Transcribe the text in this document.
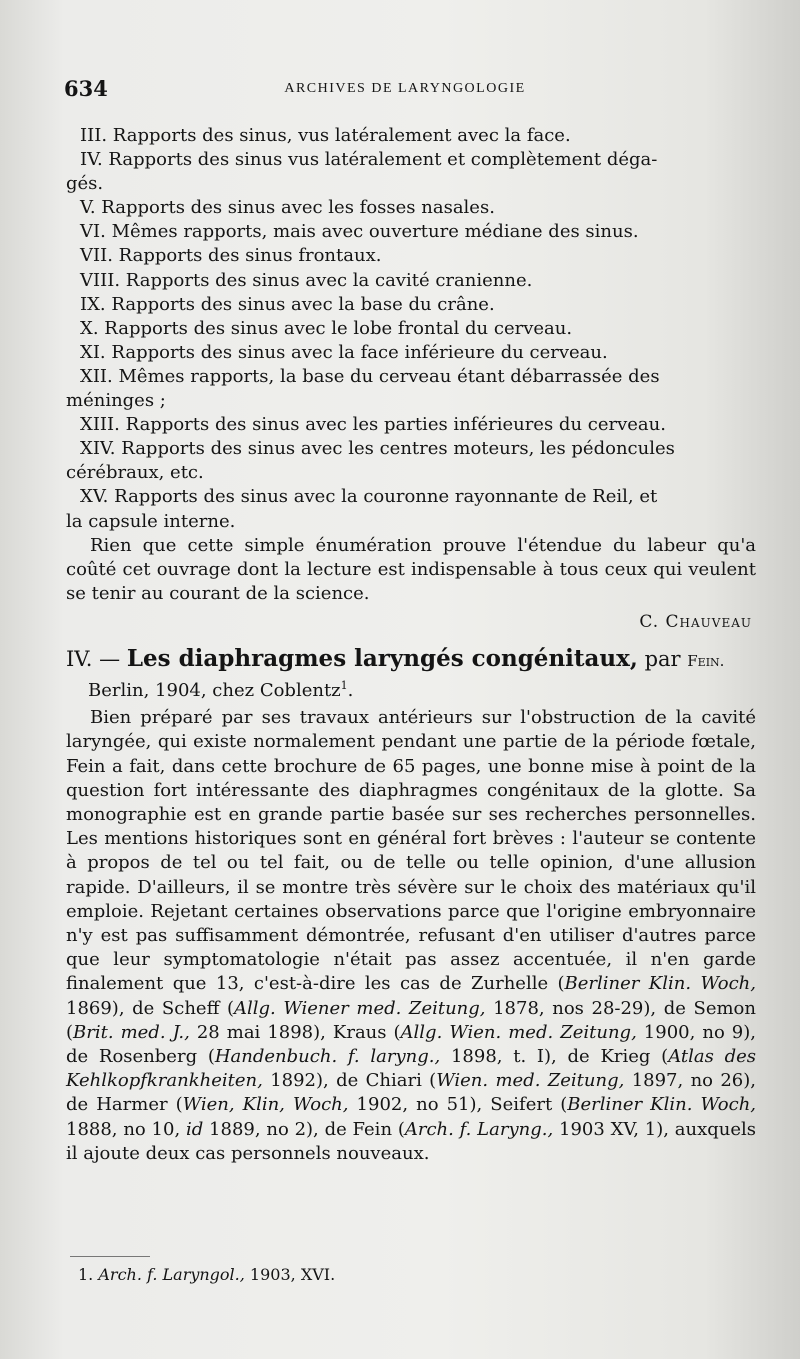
634	ARCHIVES DE LARYNGOLOGIE
III. Rapports des sinus, vus latéralement avec la face.
IV. Rapports des sinus vus latéralement et complètement déga-
gés.
V. Rapports des sinus avec les fosses nasales.
VI. Mêmes rapports, mais avec ouverture médiane des sinus.
VII. Rapports des sinus frontaux.
VIII. Rapports des sinus avec la cavité cranienne.
IX. Rapports des sinus avec la base du crâne.
X. Rapports des sinus avec le lobe frontal du cerveau.
XI. Rapports des sinus avec la face inférieure du cerveau.
XII. Mêmes rapports, la base du cerveau étant débarrassée des
méninges ;
XIII. Rapports des sinus avec les parties inférieures du cerveau.
XIV. Rapports des sinus avec les centres moteurs, les pédoncules
cérébraux, etc.
XV. Rapports des sinus avec la couronne rayonnante de Reil, et
la capsule interne.

Rien que cette simple énumération prouve l'étendue du labeur qu'a coûté cet ouvrage dont la lecture est indispensable à tous ceux qui veulent se tenir au courant de la science.

C. Chauveau
IV. — Les diaphragmes laryngés congénitaux, par Fein.
Berlin, 1904, chez Coblentz$^1$.

Bien préparé par ses travaux antérieurs sur l'obstruction de la cavité laryngée, qui existe normalement pendant une partie de la période fœtale, Fein a fait, dans cette brochure de 65 pages, une bonne mise à point de la question fort intéressante des diaphragmes congénitaux de la glotte. Sa monographie est en grande partie basée sur ses recherches personnelles. Les mentions historiques sont en général fort brèves : l'auteur se contente à propos de tel ou tel fait, ou de telle ou telle opinion, d'une allusion rapide. D'ailleurs, il se montre très sévère sur le choix des matériaux qu'il emploie. Rejetant certaines observations parce que l'origine embryonnaire n'y est pas suffisamment démontrée, refusant d'en utiliser d'autres parce que leur symptomatologie n'était pas assez accentuée, il n'en garde finalement que 13, c'est-à-dire les cas de Zurhelle (Berliner Klin. Woch, 1869), de Scheff (Allg. Wiener med. Zeitung, 1878, nos 28-29), de Semon (Brit. med. J., 28 mai 1898), Kraus (Allg. Wien. med. Zeitung, 1900, no 9), de Rosenberg (Handenbuch. f. laryng., 1898, t. I), de Krieg (Atlas des Kehlkopfkrankheiten, 1892), de Chiari (Wien. med. Zeitung, 1897, no 26), de Harmer (Wien, Klin, Woch, 1902, no 51), Seifert (Berliner Klin. Woch, 1888, no 10, id 1889, no 2), de Fein (Arch. f. Laryng., 1903 XV, 1), auxquels il ajoute deux cas personnels nouveaux.

1. Arch. f. Laryngol., 1903, XVI.
